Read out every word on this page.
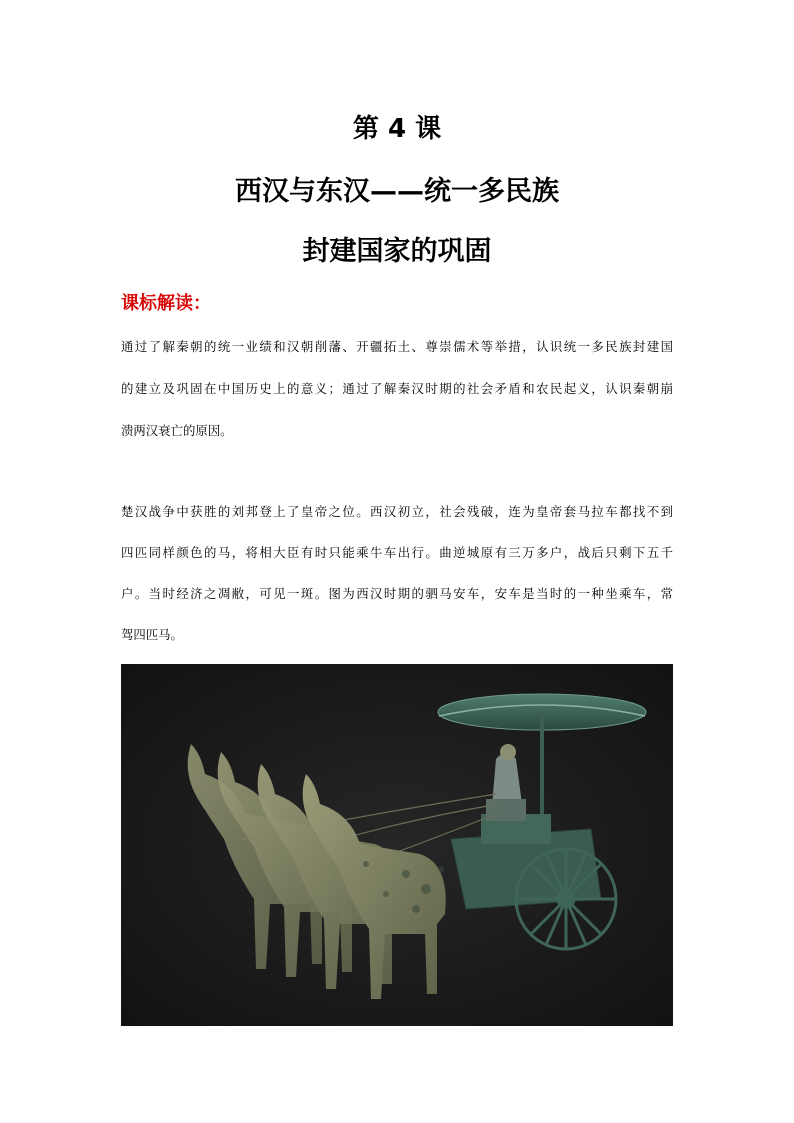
第 4 课
西汉与东汉——统一多民族
封建国家的巩固
课标解读：
通过了解秦朝的统一业绩和汉朝削藩、开疆拓土、尊崇儒术等举措，认识统一多民族封建国
的建立及巩固在中国历史上的意义；通过了解秦汉时期的社会矛盾和农民起义，认识秦朝崩
溃两汉衰亡的原因。
楚汉战争中获胜的刘邦登上了皇帝之位。西汉初立，社会残破，连为皇帝套马拉车都找不到
四匹同样颜色的马，将相大臣有时只能乘牛车出行。曲逆城原有三万多户，战后只剩下五千
户。当时经济之凋敝，可见一斑。图为西汉时期的驷马安车，安车是当时的一种坐乘车，常
驾四匹马。
